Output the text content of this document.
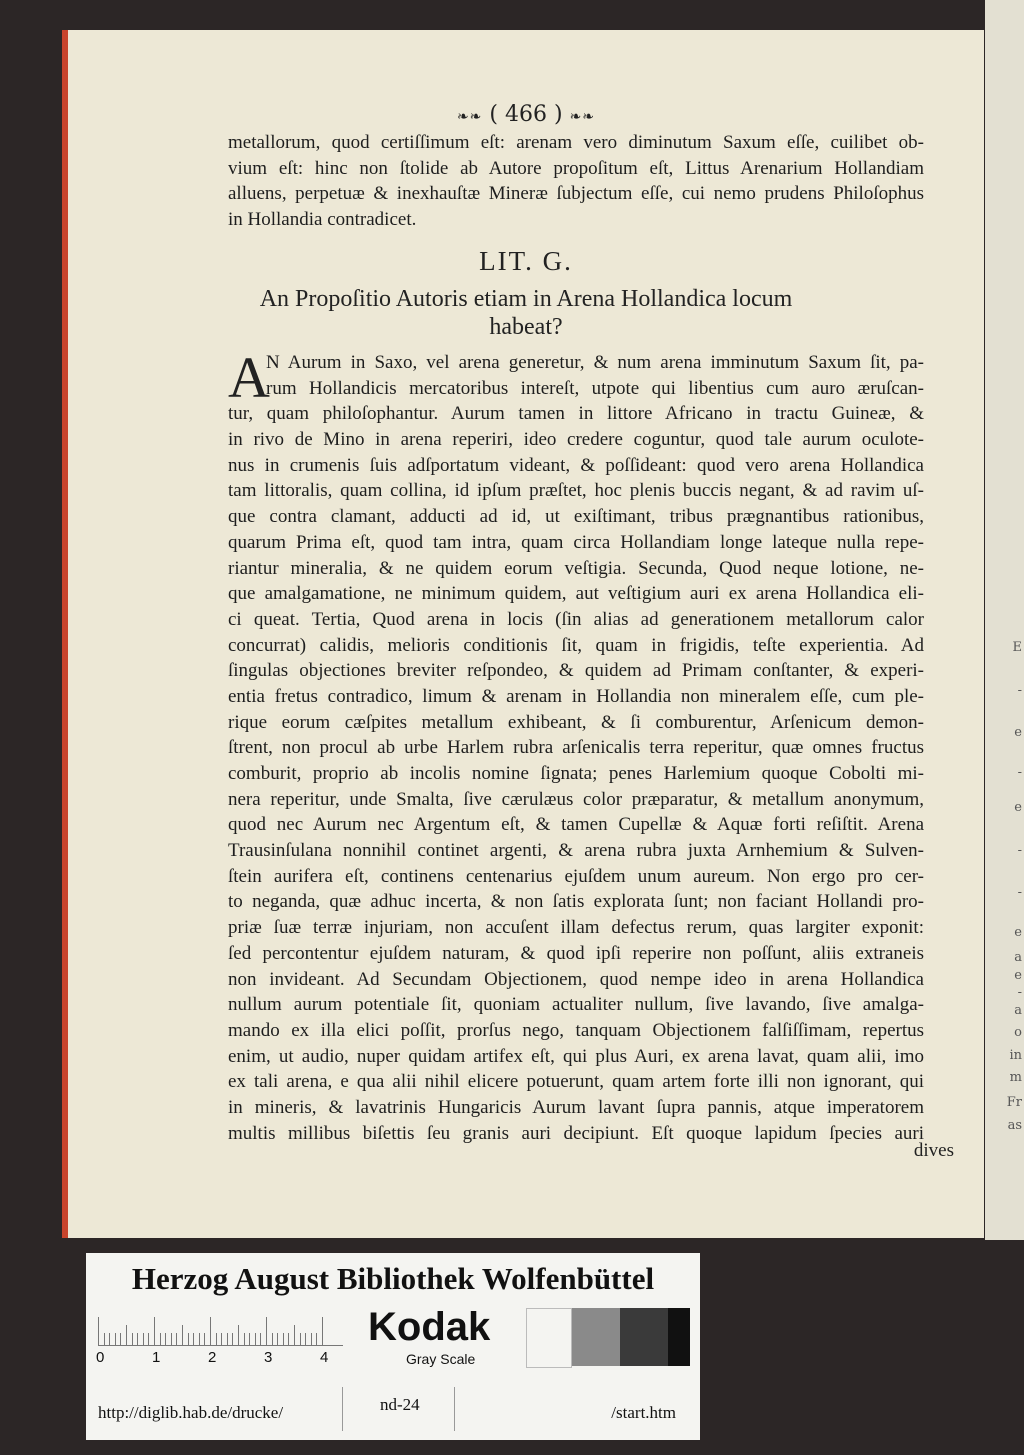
E
-
e
-
e
-
-
e
a
e
-
a
o
in
m
Fr
as
❧❧ ( 466 ) ❧❧
metallorum, quod certiſſimum eſt: arenam vero diminutum Saxum eſſe, cuilibet ob-
vium eſt: hinc non ſtolide ab Autore propoſitum eſt, Littus Arenarium Hollandiam
alluens, perpetuæ & inexhauſtæ Mineræ ſubjectum eſſe, cui nemo prudens Philoſophus
in Hollandia contradicet.
LIT. G.
An Propoſitio Autoris etiam in Arena Hollandica locum
habeat?
A
N Aurum in Saxo, vel arena generetur, & num arena imminutum Saxum ſit, pa-
rum Hollandicis mercatoribus intereſt, utpote qui libentius cum auro æruſcan-
tur, quam philoſophantur. Aurum tamen in littore Africano in tractu Guineæ, &
in rivo de Mino in arena reperiri, ideo credere coguntur, quod tale aurum oculote-
nus in crumenis ſuis adſportatum videant, & poſſideant: quod vero arena Hollandica
tam littoralis, quam collina, id ipſum præſtet, hoc plenis buccis negant, & ad ravim uſ-
que contra clamant, adducti ad id, ut exiſtimant, tribus prægnantibus rationibus,
quarum Prima eſt, quod tam intra, quam circa Hollandiam longe lateque nulla repe-
riantur mineralia, & ne quidem eorum veſtigia. Secunda, Quod neque lotione, ne-
que amalgamatione, ne minimum quidem, aut veſtigium auri ex arena Hollandica eli-
ci queat. Tertia, Quod arena in locis (ſin alias ad generationem metallorum calor
concurrat) calidis, melioris conditionis ſit, quam in frigidis, teſte experientia. Ad
ſingulas objectiones breviter reſpondeo, & quidem ad Primam conſtanter, & experi-
entia fretus contradico, limum & arenam in Hollandia non mineralem eſſe, cum ple-
rique eorum cæſpites metallum exhibeant, & ſi comburentur, Arſenicum demon-
ſtrent, non procul ab urbe Harlem rubra arſenicalis terra reperitur, quæ omnes fructus
comburit, proprio ab incolis nomine ſignata; penes Harlemium quoque Cobolti mi-
nera reperitur, unde Smalta, ſive cærulæus color præparatur, & metallum anonymum,
quod nec Aurum nec Argentum eſt, & tamen Cupellæ & Aquæ forti reſiſtit. Arena
Trausinſulana nonnihil continet argenti, & arena rubra juxta Arnhemium & Sulven-
ſtein aurifera eſt, continens centenarius ejuſdem unum aureum. Non ergo pro cer-
to neganda, quæ adhuc incerta, & non ſatis explorata ſunt; non faciant Hollandi pro-
priæ ſuæ terræ injuriam, non accuſent illam defectus rerum, quas largiter exponit:
ſed percontentur ejuſdem naturam, & quod ipſi reperire non poſſunt, aliis extraneis
non invideant. Ad Secundam Objectionem, quod nempe ideo in arena Hollandica
nullum aurum potentiale ſit, quoniam actualiter nullum, ſive lavando, ſive amalga-
mando ex illa elici poſſit, prorſus nego, tanquam Objectionem falſiſſimam, repertus
enim, ut audio, nuper quidam artifex eſt, qui plus Auri, ex arena lavat, quam alii, imo
ex tali arena, e qua alii nihil elicere potuerunt, quam artem forte illi non ignorant, qui
in mineris, & lavatrinis Hungaricis Aurum lavant ſupra pannis, atque imperatorem
multis millibus biſettis ſeu granis auri decipiunt. Eſt quoque lapidum ſpecies auri
dives
Herzog August Bibliothek Wolfenbüttel
0	1	2	3	4
Kodak
Gray Scale
http://diglib.hab.de/drucke/	nd-24	/start.htm
